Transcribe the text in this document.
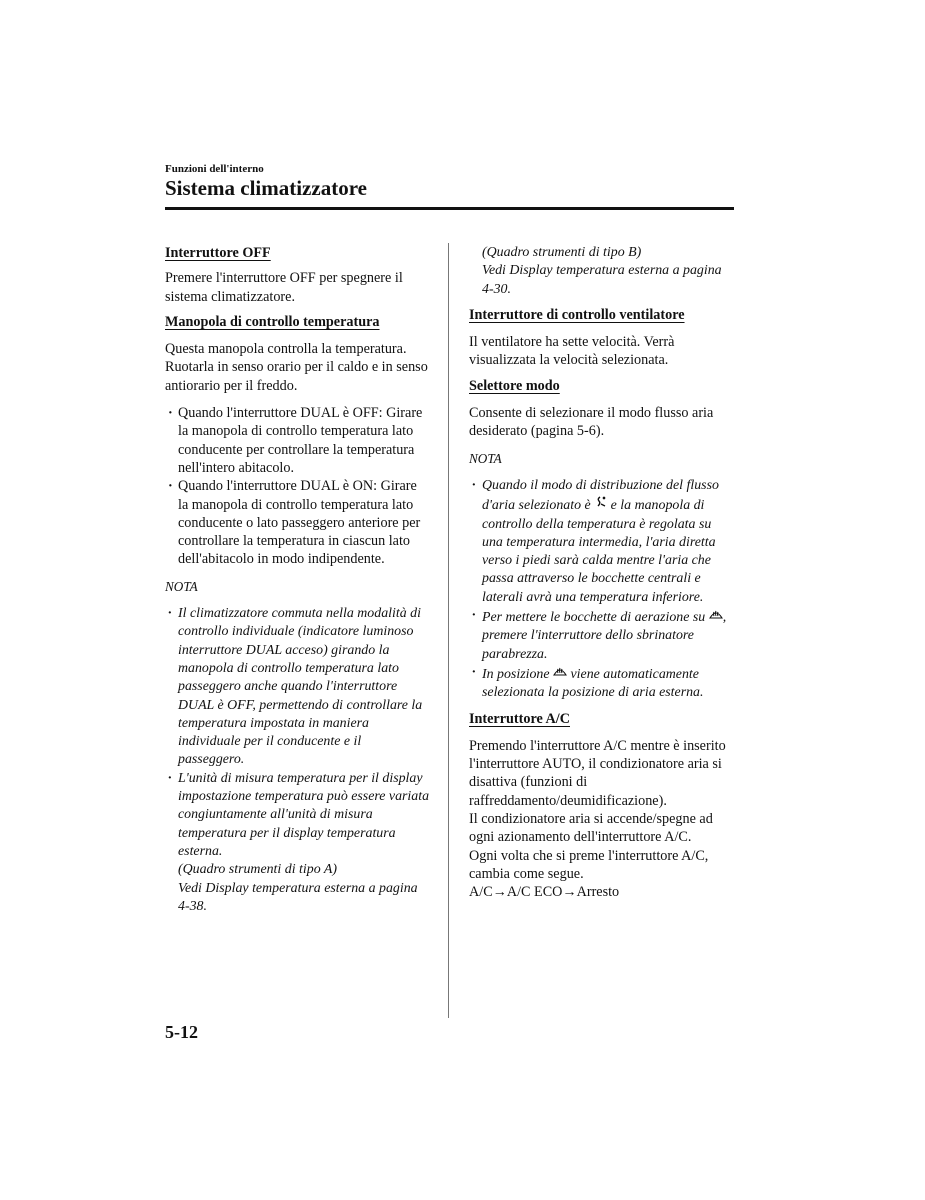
Funzioni dell'interno
Sistema climatizzatore

Interruttore OFF

Premere l'interruttore OFF per spegnere il sistema climatizzatore.

Manopola di controllo temperatura

Questa manopola controlla la temperatura. Ruotarla in senso orario per il caldo e in senso antiorario per il freddo.

· Quando l'interruttore DUAL è OFF: Girare la manopola di controllo temperatura lato conducente per controllare la temperatura nell'intero abitacolo.
· Quando l'interruttore DUAL è ON: Girare la manopola di controllo temperatura lato conducente o lato passeggero anteriore per controllare la temperatura in ciascun lato dell'abitacolo in modo indipendente.

NOTA

· Il climatizzatore commuta nella modalità di controllo individuale (indicatore luminoso interruttore DUAL acceso) girando la manopola di controllo temperatura lato passeggero anche quando l'interruttore DUAL è OFF, permettendo di controllare la temperatura impostata in maniera individuale per il conducente e il passeggero.
· L'unità di misura temperatura per il display impostazione temperatura può essere variata congiuntamente all'unità di misura temperatura per il display temperatura esterna.
(Quadro strumenti di tipo A)
Vedi Display temperatura esterna a pagina 4-38.
(Quadro strumenti di tipo B)
Vedi Display temperatura esterna a pagina 4-30.

Interruttore di controllo ventilatore

Il ventilatore ha sette velocità. Verrà visualizzata la velocità selezionata.

Selettore modo

Consente di selezionare il modo flusso aria desiderato (pagina 5-6).

NOTA

· Quando il modo di distribuzione del flusso d'aria selezionato è e la manopola di controllo della temperatura è regolata su una temperatura intermedia, l'aria diretta verso i piedi sarà calda mentre l'aria che passa attraverso le bocchette centrali e laterali avrà una temperatura inferiore.
· Per mettere le bocchette di aerazione su , premere l'interruttore dello sbrinatore parabrezza.
· In posizione viene automaticamente selezionata la posizione di aria esterna.

Interruttore A/C

Premendo l'interruttore A/C mentre è inserito l'interruttore AUTO, il condizionatore aria si disattiva (funzioni di raffreddamento/deumidificazione).

Il condizionatore aria si accende/spegne ad ogni azionamento dell'interruttore A/C.

Ogni volta che si preme l'interruttore A/C, cambia come segue.

A/C→A/C ECO→Arresto

5-12
